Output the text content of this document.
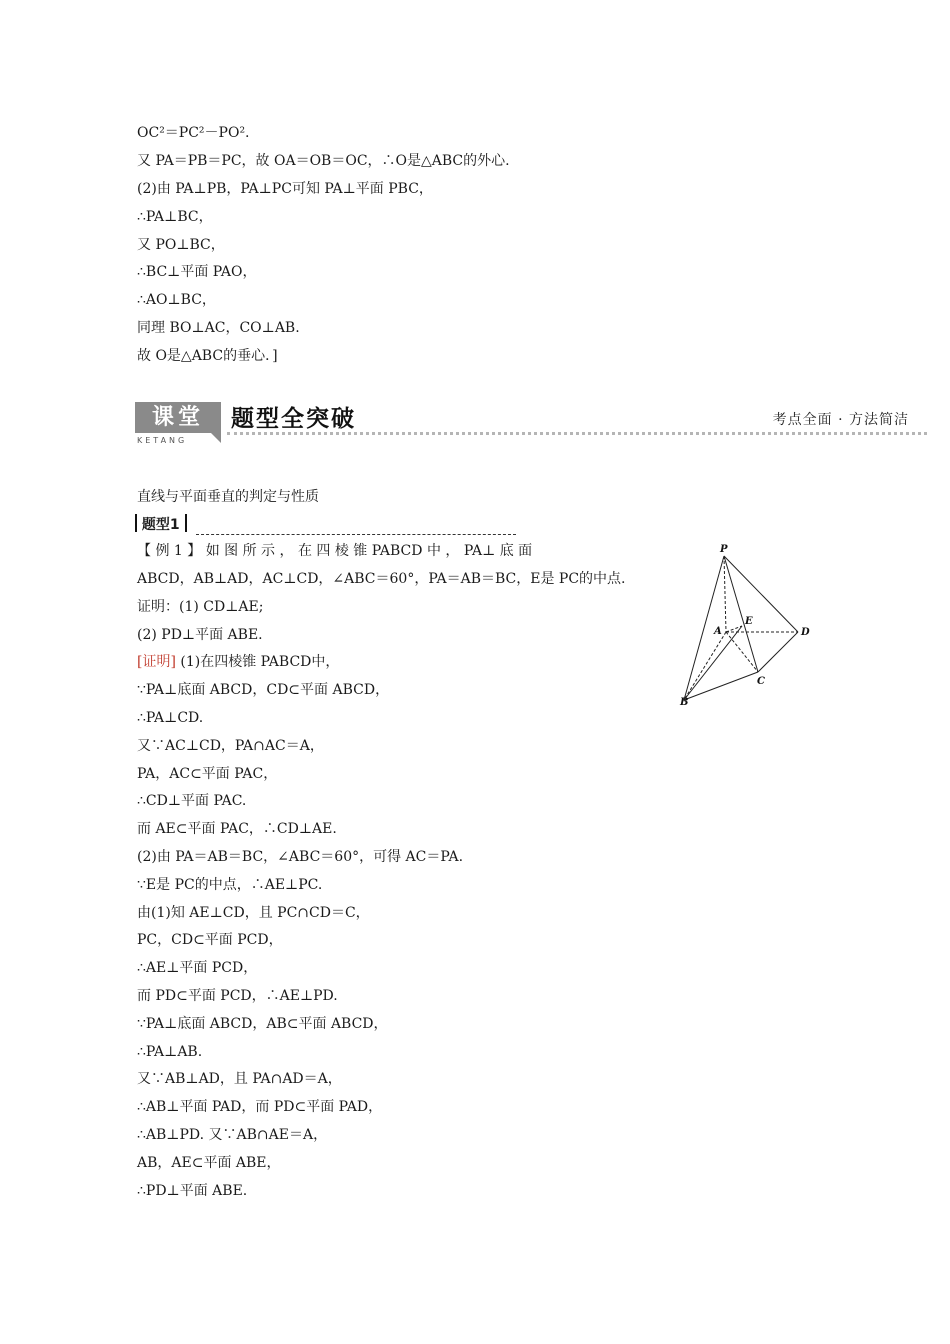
OC²＝PC²－PO².
又 PA＝PB＝PC，故 OA＝OB＝OC，∴O是△ABC的外心.
(2)由 PA⊥PB，PA⊥PC可知 PA⊥平面 PBC，
∴PA⊥BC，
又 PO⊥BC，
∴BC⊥平面 PAO，
∴AO⊥BC，
同理 BO⊥AC，CO⊥AB.
故 O是△ABC的垂心．]
课堂
KETANG
题型全突破	考点全面 · 方法简洁
直线与平面垂直的判定与性质
题型1
【 例 1 】 如 图 所 示 ， 在 四 棱 锥 PABCD 中 ， PA⊥ 底 面
ABCD，AB⊥AD，AC⊥CD，∠ABC＝60°，PA＝AB＝BC，E是 PC的中点.
证明：(1) CD⊥AE;
(2) PD⊥平面 ABE.
[证明] (1)在四棱锥 PABCD中，
∵PA⊥底面 ABCD，CD⊂平面 ABCD，
∴PA⊥CD.
又∵AC⊥CD，PA∩AC＝A，
PA，AC⊂平面 PAC，
∴CD⊥平面 PAC.
而 AE⊂平面 PAC，∴CD⊥AE.
(2)由 PA＝AB＝BC，∠ABC＝60°，可得 AC＝PA.
∵E是 PC的中点，∴AE⊥PC.
由(1)知 AE⊥CD，且 PC∩CD＝C，
PC，CD⊂平面 PCD，
∴AE⊥平面 PCD，
而 PD⊂平面 PCD，∴AE⊥PD.
∵PA⊥底面 ABCD，AB⊂平面 ABCD，
∴PA⊥AB.
又∵AB⊥AD，且 PA∩AD＝A，
∴AB⊥平面 PAD，而 PD⊂平面 PAD，
∴AB⊥PD. 又∵AB∩AE＝A，
AB，AE⊂平面 ABE，
∴PD⊥平面 ABE.
P
A
E
D
C
B
